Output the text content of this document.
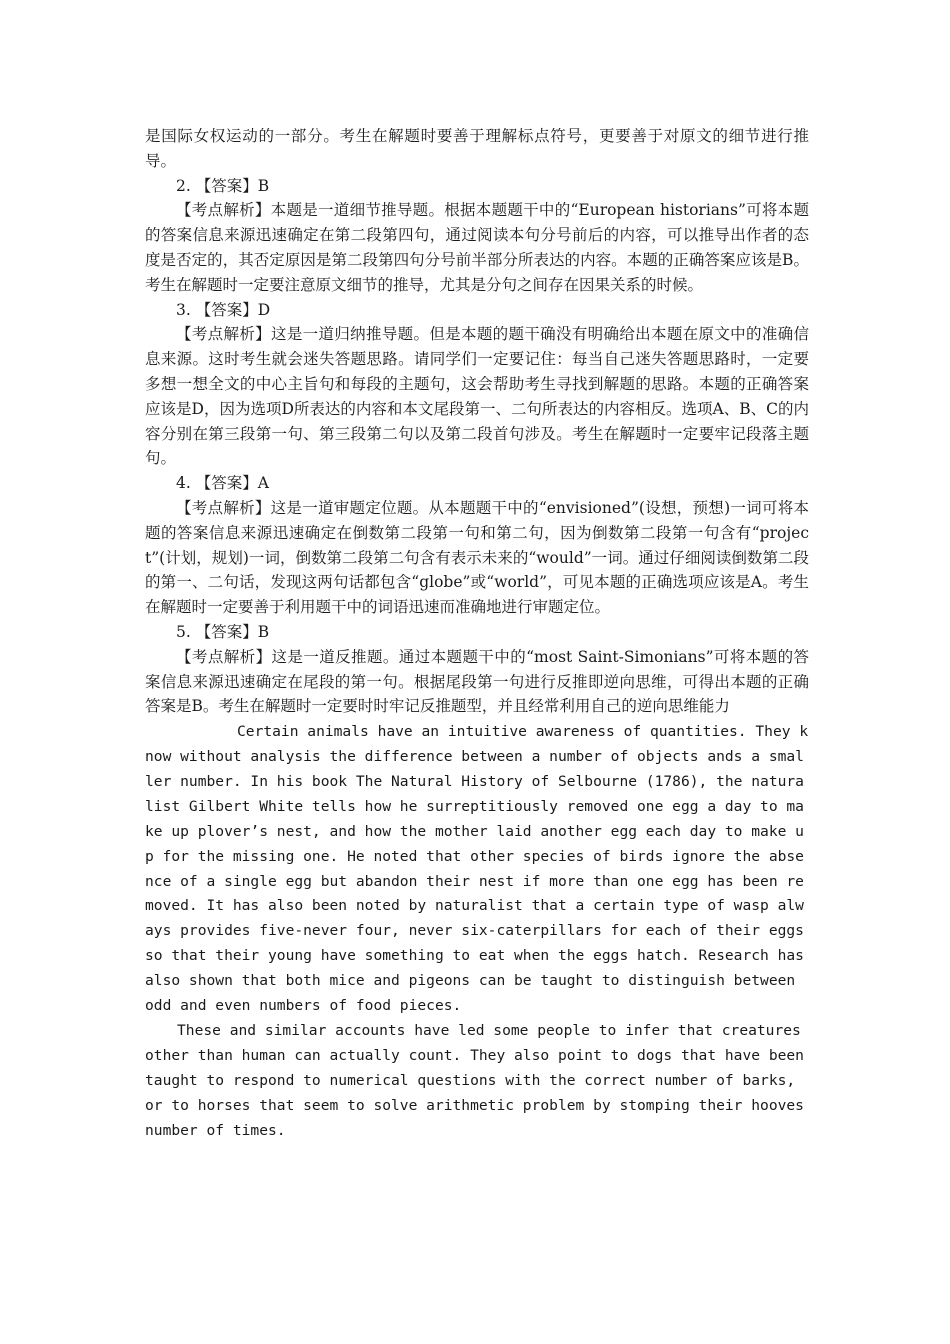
是国际女权运动的一部分。考生在解题时要善于理解标点符号，更要善于对原文的细节进行推导。

2. 【答案】B

【考点解析】本题是一道细节推导题。根据本题题干中的“European historians”可将本题的答案信息来源迅速确定在第二段第四句，通过阅读本句分号前后的内容，可以推导出作者的态度是否定的，其否定原因是第二段第四句分号前半部分所表达的内容。本题的正确答案应该是B。考生在解题时一定要注意原文细节的推导，尤其是分句之间存在因果关系的时候。

3. 【答案】D

【考点解析】这是一道归纳推导题。但是本题的题干确没有明确给出本题在原文中的准确信息来源。这时考生就会迷失答题思路。请同学们一定要记住：每当自己迷失答题思路时，一定要多想一想全文的中心主旨句和每段的主题句，这会帮助考生寻找到解题的思路。本题的正确答案应该是D，因为选项D所表达的内容和本文尾段第一、二句所表达的内容相反。选项A、B、C的内容分别在第三段第一句、第三段第二句以及第二段首句涉及。考生在解题时一定要牢记段落主题句。

4. 【答案】A

【考点解析】这是一道审题定位题。从本题题干中的“envisioned”(设想，预想)一词可将本题的答案信息来源迅速确定在倒数第二段第一句和第二句，因为倒数第二段第一句含有“project”(计划，规划)一词，倒数第二段第二句含有表示未来的“would”一词。通过仔细阅读倒数第二段的第一、二句话，发现这两句话都包含“globe”或“world”，可见本题的正确选项应该是A。考生在解题时一定要善于利用题干中的词语迅速而准确地进行审题定位。

5. 【答案】B

【考点解析】这是一道反推题。通过本题题干中的“most Saint-Simonians”可将本题的答案信息来源迅速确定在尾段的第一句。根据尾段第一句进行反推即逆向思维，可得出本题的正确答案是B。考生在解题时一定要时时牢记反推题型，并且经常利用自己的逆向思维能力

Certain animals have an intuitive awareness of quantities. They know without analysis the difference between a number of objects ands a smaller number. In his book The Natural History of Selbourne (1786), the naturalist Gilbert White tells how he surreptitiously removed one egg a day to make up plover’s nest, and how the mother laid another egg each day to make up for the missing one. He noted that other species of birds ignore the absence of a single egg but abandon their nest if more than one egg has been removed. It has also been noted by naturalist that a certain type of wasp always provides five-never four, never six-caterpillars for each of their eggs so that their young have something to eat when the eggs hatch. Research has also shown that both mice and pigeons can be taught to distinguish between odd and even numbers of food pieces.

These and similar accounts have led some people to infer that creatures other than human can actually count. They also point to dogs that have been taught to respond to numerical questions with the correct number of barks, or to horses that seem to solve arithmetic problem by stomping their hooves number of times.
